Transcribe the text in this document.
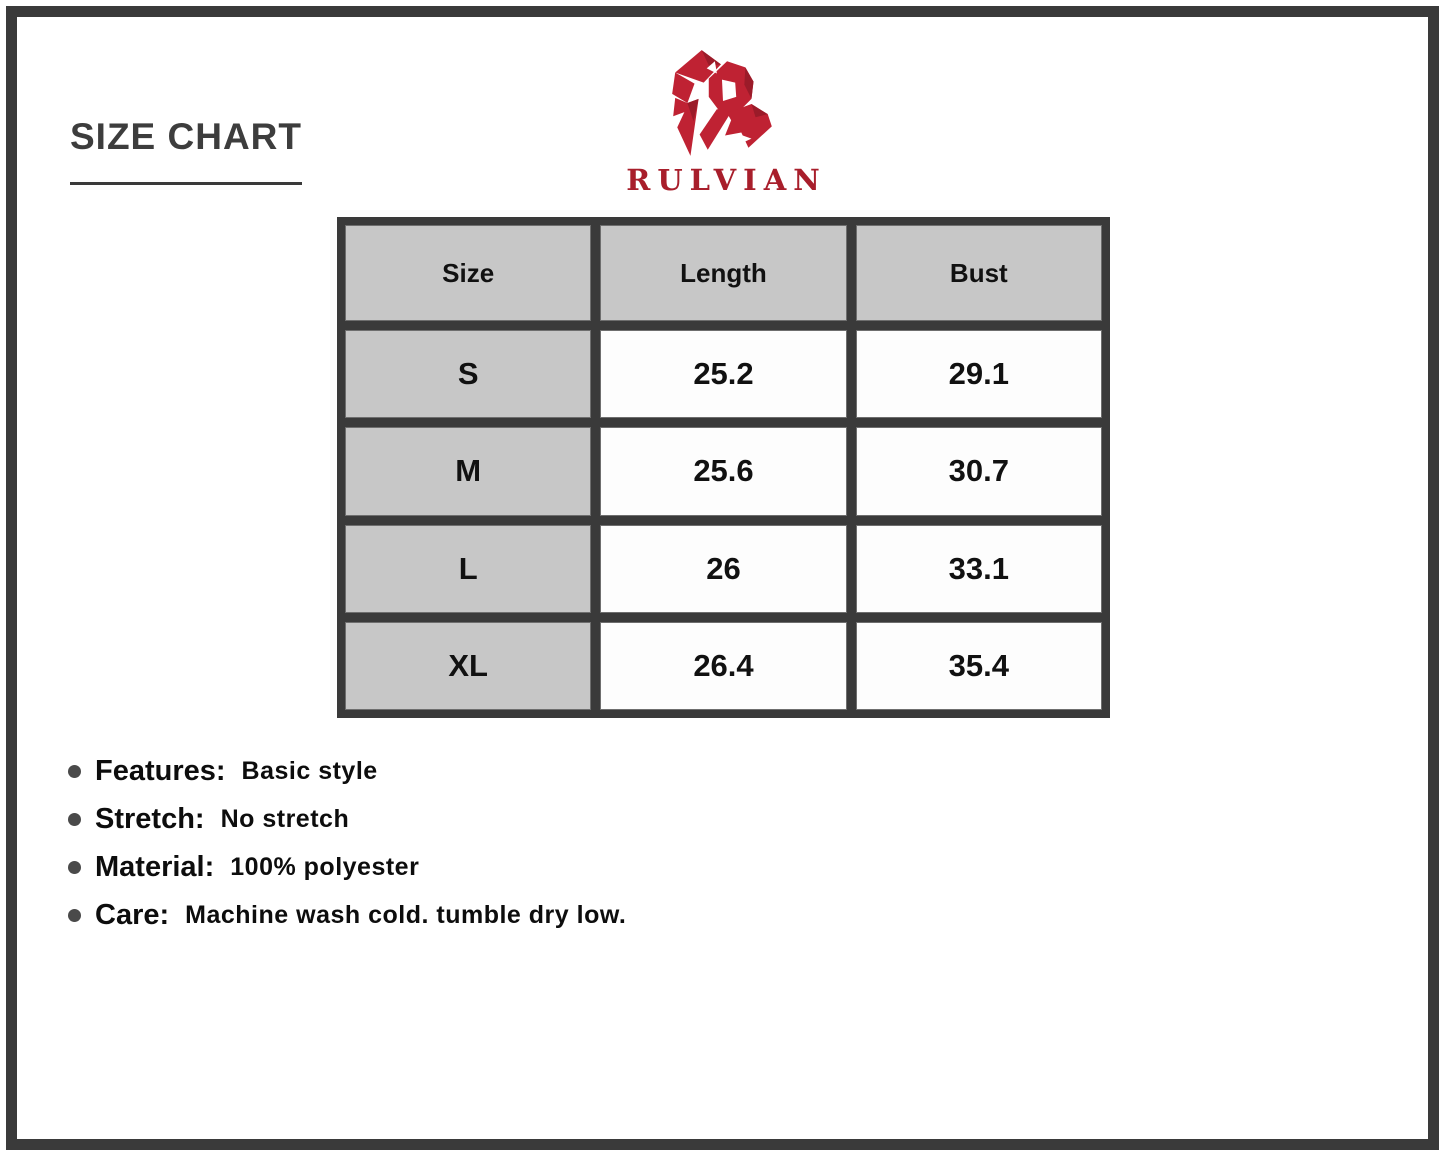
SIZE CHART
RULVIAN
Size	Length	Bust
S	25.2	29.1
M	25.6	30.7
L	26	33.1
XL	26.4	35.4
Features: Basic style
Stretch: No stretch
Material: 100% polyester
Care: Machine wash cold. tumble dry low.
